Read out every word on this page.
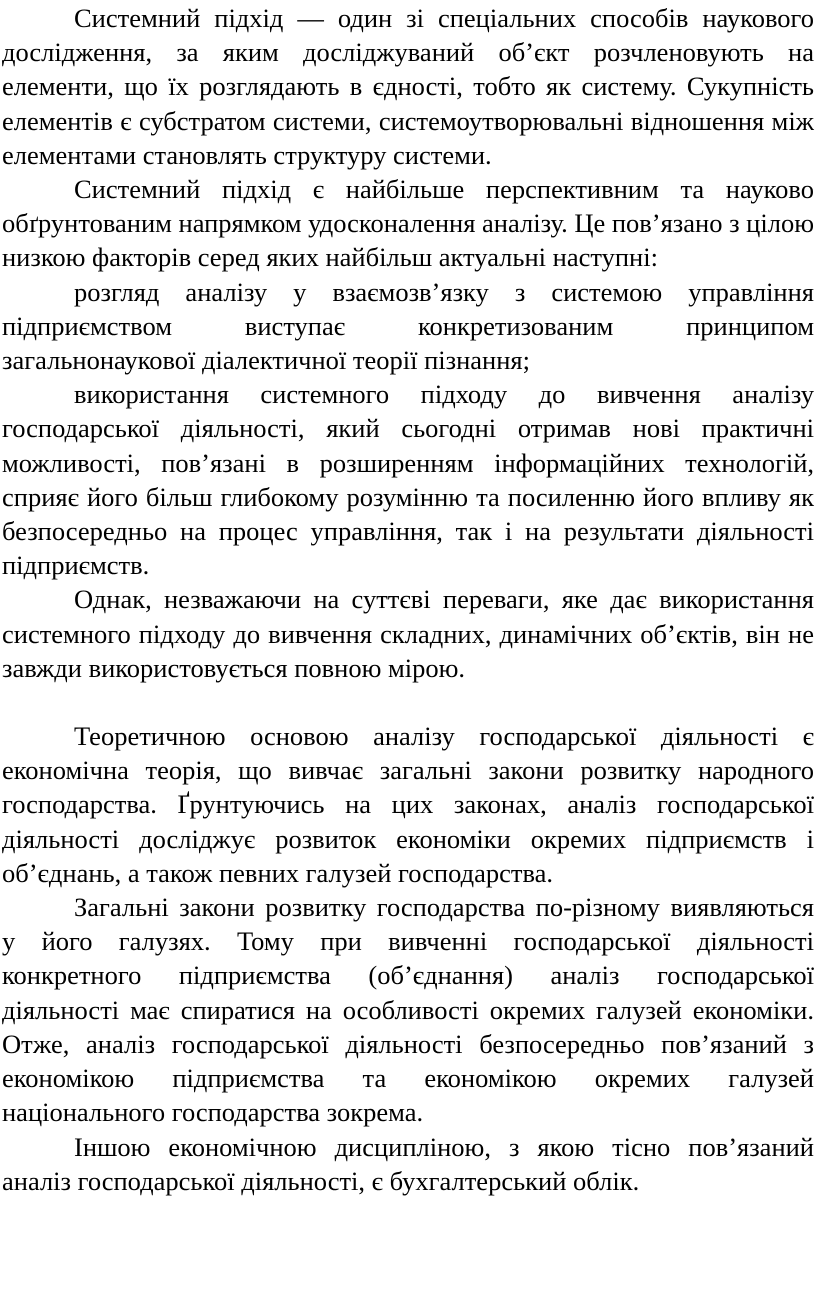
Системний підхід — один зі спеціальних способів наукового дослідження, за яким досліджуваний об’єкт розчленовують на елементи, що їх розглядають в єдності, тобто як систему. Сукупність елементів є субстратом системи, системоутворювальні відношення між елементами становлять структуру системи.

Системний підхід є найбільше перспективним та науково обґрунтованим напрямком удосконалення аналізу. Це пов’язано з цілою низкою факторів серед яких найбільш актуальні наступні:

розгляд аналізу у взаємозв’язку з системою управління підприємством виступає конкретизованим принципом загальнонаукової діалектичної теорії пізнання;

використання системного підходу до вивчення аналізу господарської діяльності, який сьогодні отримав нові практичні можливості, пов’язані в розширенням інформаційних технологій, сприяє його більш глибокому розумінню та посиленню його впливу як безпосередньо на процес управління, так і на результати діяльності підприємств.

Однак, незважаючи на суттєві переваги, яке дає використання системного підходу до вивчення складних, динамічних об’єктів, він не завжди використовується повною мірою.

Теоретичною основою аналізу господарської діяльності є економічна теорія, що вивчає загальні закони розвитку народного господарства. Ґрунтуючись на цих законах, аналіз господарської діяльності досліджує розвиток економіки окремих підприємств і об’єднань, а також певних галузей господарства.

Загальні закони розвитку господарства по-різному виявляються у його галузях. Тому при вивченні господарської діяльності конкретного підприємства (об’єднання) аналіз господарської діяльності має спиратися на особливості окремих галузей економіки. Отже, аналіз господарської діяльності безпосередньо пов’язаний з економікою підприємства та економікою окремих галузей національного господарства зокрема.

Іншою економічною дисципліною, з якою тісно пов’язаний аналіз господарської діяльності, є бухгалтерський облік.
